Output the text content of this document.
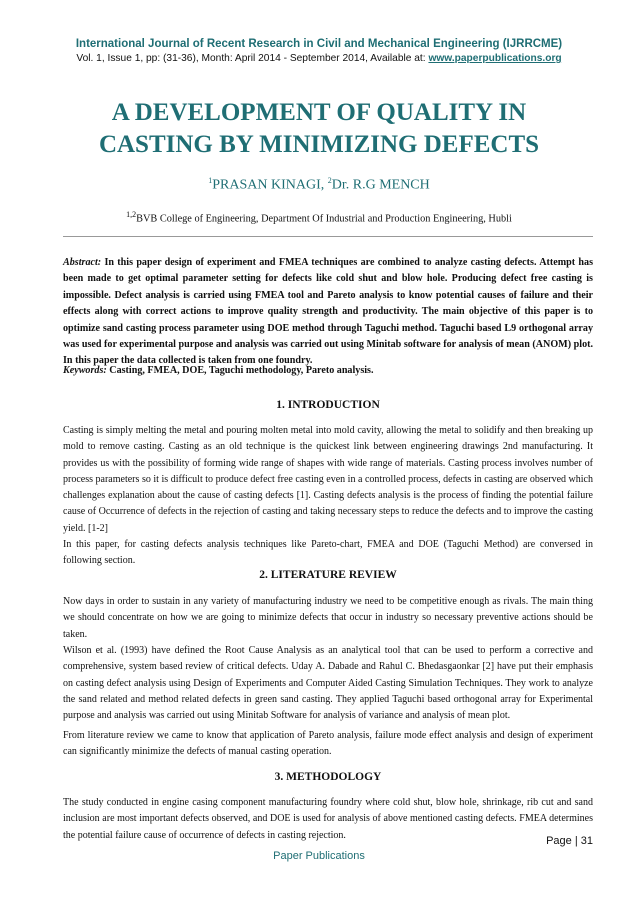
International Journal of Recent Research in Civil and Mechanical Engineering (IJRRCME)
Vol. 1, Issue 1, pp: (31-36), Month: April 2014 - September 2014, Available at: www.paperpublications.org
A DEVELOPMENT OF QUALITY IN
CASTING BY MINIMIZING DEFECTS
$^1$PRASAN KINAGI, $^2$Dr. R.G MENCH
$^{1,2}$BVB College of Engineering, Department Of Industrial and Production Engineering, Hubli
Abstract: In this paper design of experiment and FMEA techniques are combined to analyze casting defects. Attempt has been made to get optimal parameter setting for defects like cold shut and blow hole. Producing defect free casting is impossible. Defect analysis is carried using FMEA tool and Pareto analysis to know potential causes of failure and their effects along with correct actions to improve quality strength and productivity. The main objective of this paper is to optimize sand casting process parameter using DOE method through Taguchi method. Taguchi based L9 orthogonal array was used for experimental purpose and analysis was carried out using Minitab software for analysis of mean (ANOM) plot. In this paper the data collected is taken from one foundry.
Keywords: Casting, FMEA, DOE, Taguchi methodology, Pareto analysis.
1. INTRODUCTION
Casting is simply melting the metal and pouring molten metal into mold cavity, allowing the metal to solidify and then breaking up mold to remove casting. Casting as an old technique is the quickest link between engineering drawings 2nd manufacturing. It provides us with the possibility of forming wide range of shapes with wide range of materials. Casting process involves number of process parameters so it is difficult to produce defect free casting even in a controlled process, defects in casting are observed which challenges explanation about the cause of casting defects [1]. Casting defects analysis is the process of finding the potential failure cause of Occurrence of defects in the rejection of casting and taking necessary steps to reduce the defects and to improve the casting yield. [1-2]
In this paper, for casting defects analysis techniques like Pareto-chart, FMEA and DOE (Taguchi Method) are conversed in following section.
2. LITERATURE REVIEW
Now days in order to sustain in any variety of manufacturing industry we need to be competitive enough as rivals. The main thing we should concentrate on how we are going to minimize defects that occur in industry so necessary preventive actions should be taken.
Wilson et al. (1993) have defined the Root Cause Analysis as an analytical tool that can be used to perform a corrective and comprehensive, system based review of critical defects. Uday A. Dabade and Rahul C. Bhedasgaonkar [2] have put their emphasis on casting defect analysis using Design of Experiments and Computer Aided Casting Simulation Techniques. They work to analyze the sand related and method related defects in green sand casting. They applied Taguchi based orthogonal array for Experimental purpose and analysis was carried out using Minitab Software for analysis of variance and analysis of mean plot.
From literature review we came to know that application of Pareto analysis, failure mode effect analysis and design of experiment can significantly minimize the defects of manual casting operation.
3. METHODOLOGY
The study conducted in engine casing component manufacturing foundry where cold shut, blow hole, shrinkage, rib cut and sand inclusion are most important defects observed, and DOE is used for analysis of above mentioned casting defects. FMEA determines the potential failure cause of occurrence of defects in casting rejection.	Page | 31
Paper Publications
